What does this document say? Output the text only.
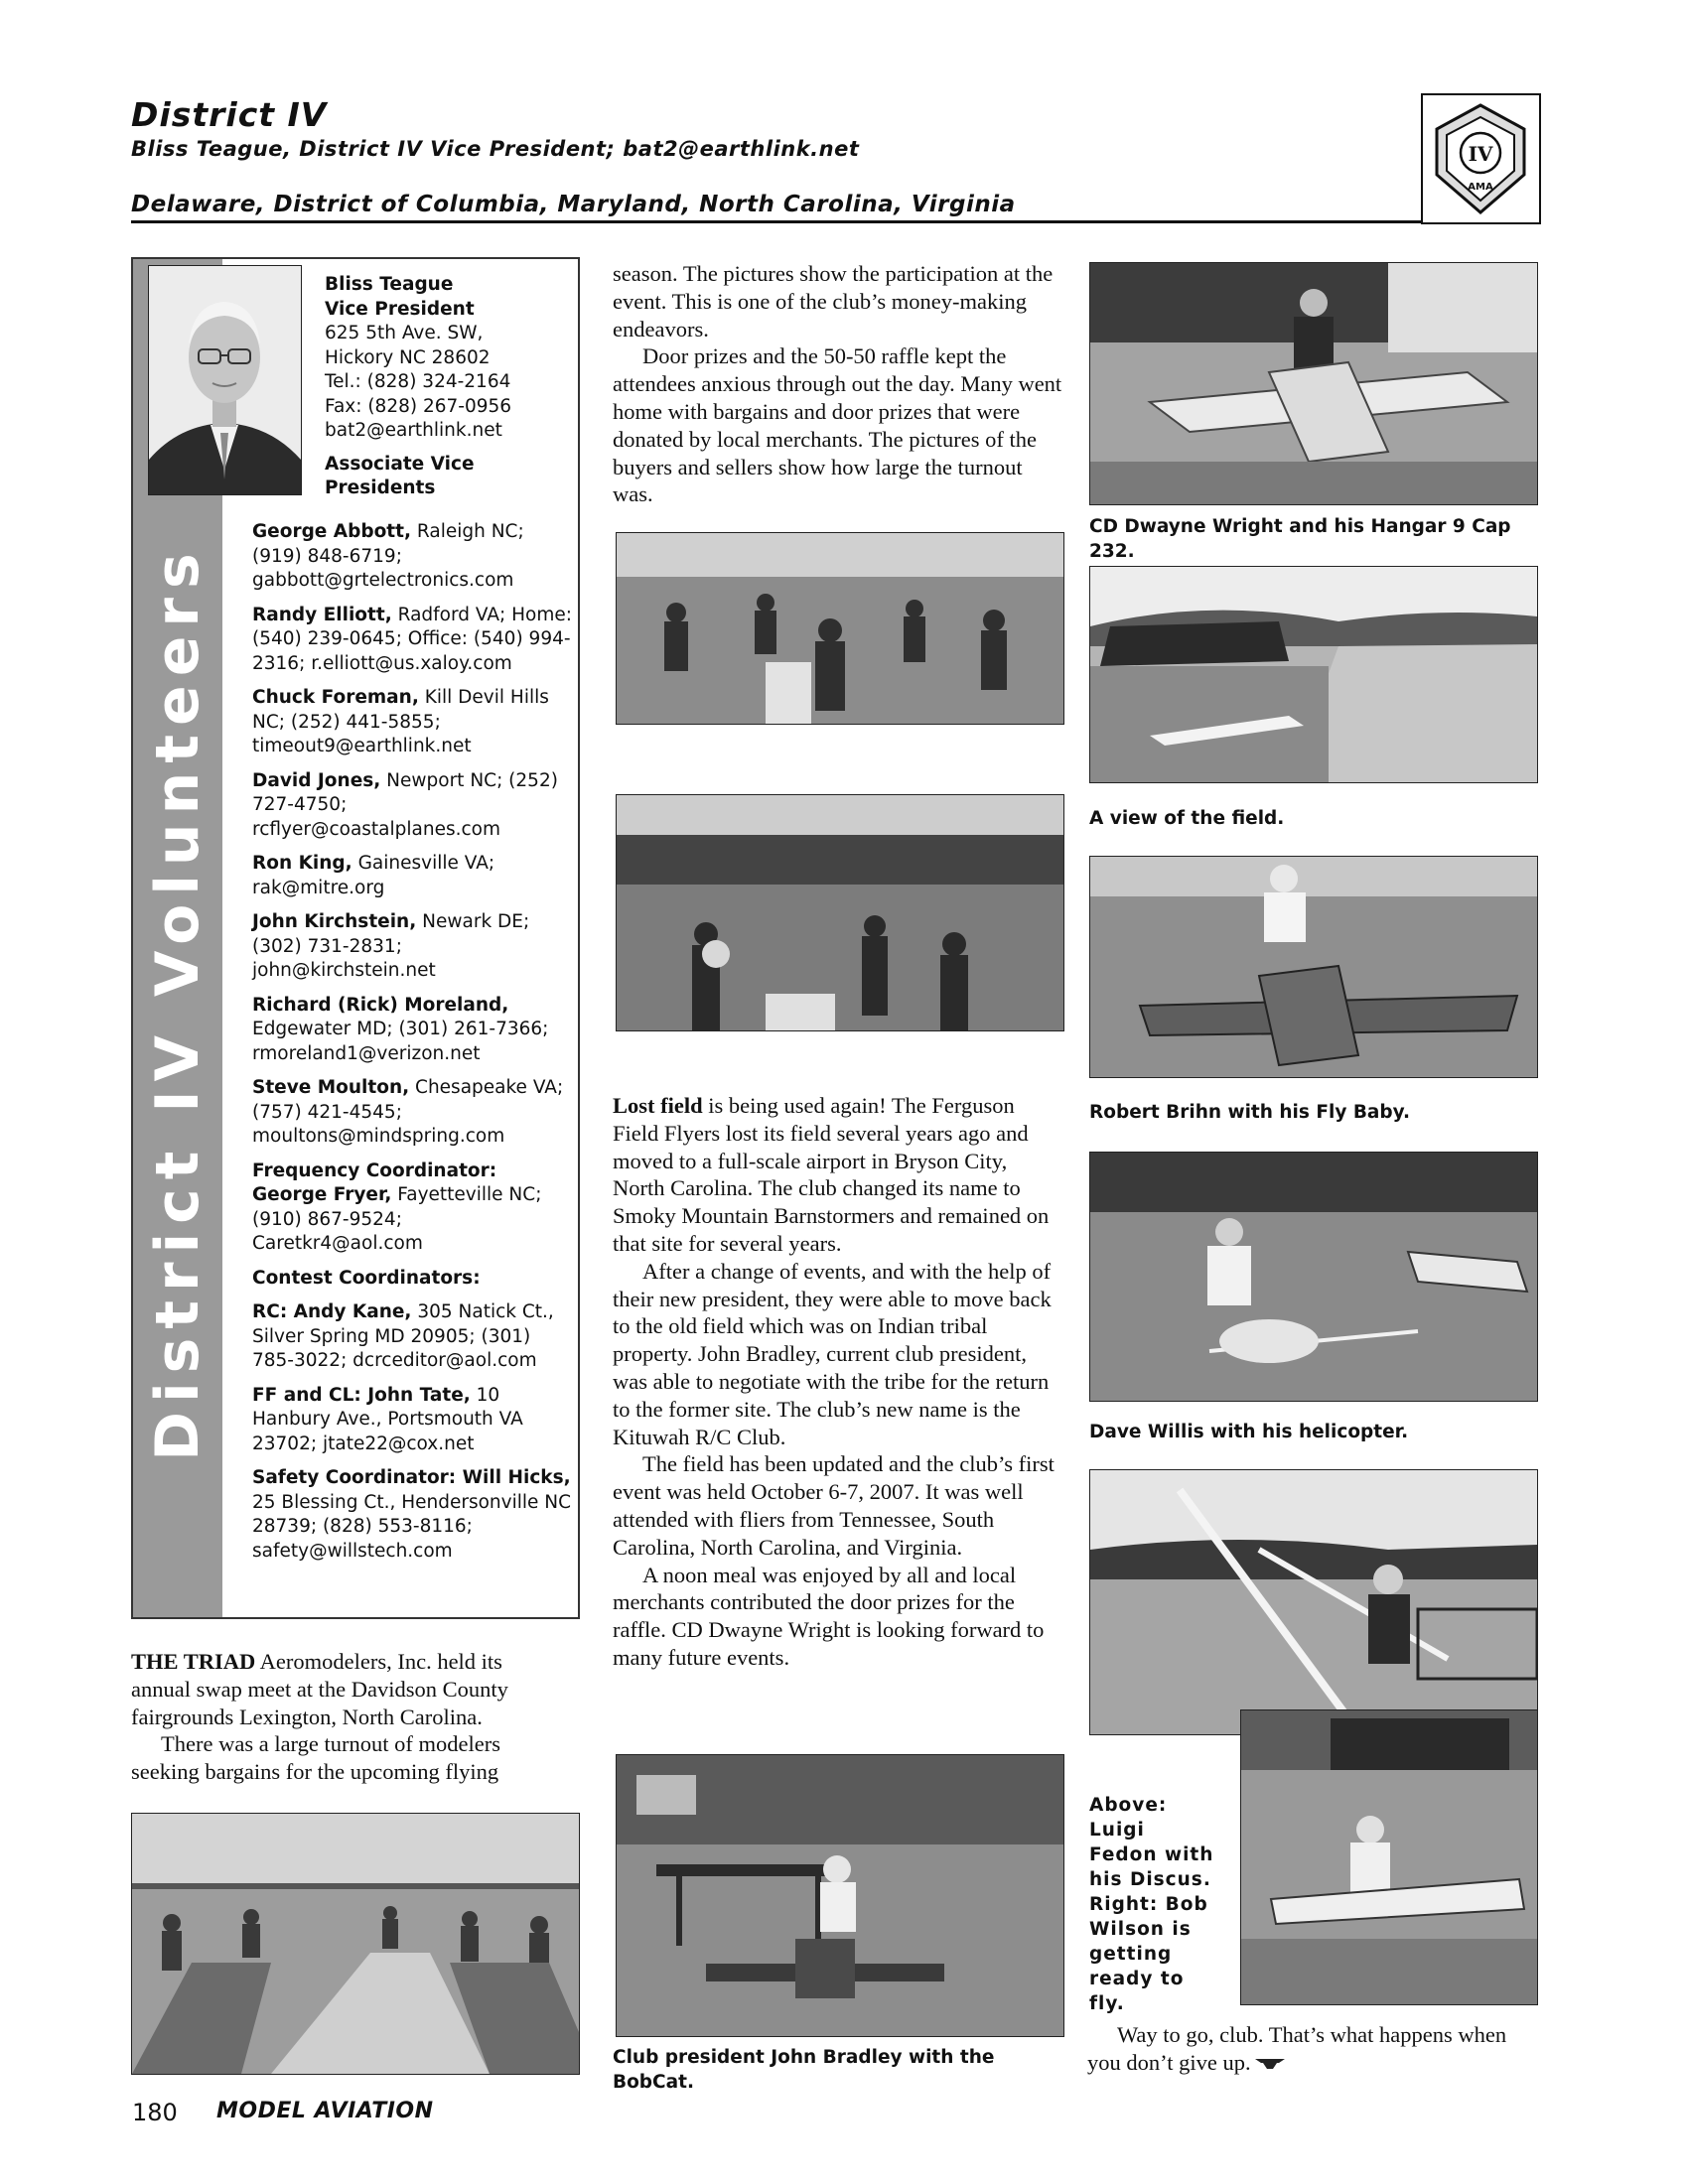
District IV
Bliss Teague, District IV Vice President; bat2@earthlink.net
Delaware, District of Columbia, Maryland, North Carolina, Virginia
IV
AMA
District IV Volunteers
Bliss Teague
Vice President
625 5th Ave. SW,
Hickory NC 28602
Tel.: (828) 324-2164
Fax: (828) 267-0956
bat2@earthlink.net
Associate Vice Presidents
George Abbott, Raleigh NC; (919) 848-6719; gabbott@grtelectronics.com
Randy Elliott, Radford VA; Home: (540) 239-0645; Office: (540) 994-2316; r.elliott@us.xaloy.com
Chuck Foreman, Kill Devil Hills NC; (252) 441-5855; timeout9@earthlink.net
David Jones, Newport NC; (252) 727-4750; rcflyer@coastalplanes.com
Ron King, Gainesville VA; rak@mitre.org
John Kirchstein, Newark DE; (302) 731-2831; john@kirchstein.net
Richard (Rick) Moreland, Edgewater MD; (301) 261-7366; rmoreland1@verizon.net
Steve Moulton, Chesapeake VA; (757) 421-4545; moultons@mindspring.com
Frequency Coordinator: George Fryer, Fayetteville NC; (910) 867-9524; Caretkr4@aol.com
Contest Coordinators:
RC: Andy Kane, 305 Natick Ct., Silver Spring MD 20905; (301) 785-3022; dcrceditor@aol.com
FF and CL: John Tate, 10 Hanbury Ave., Portsmouth VA 23702; jtate22@cox.net
Safety Coordinator: Will Hicks, 25 Blessing Ct., Hendersonville NC 28739; (828) 553-8116; safety@willstech.com

THE TRIAD Aeromodelers, Inc. held its annual swap meet at the Davidson County fairgrounds Lexington, North Carolina.

There was a large turnout of modelers seeking bargains for the upcoming flying

season. The pictures show the participation at the event. This is one of the club’s money-making endeavors.

Door prizes and the 50-50 raffle kept the attendees anxious through out the day. Many went home with bargains and door prizes that were donated by local merchants. The pictures of the buyers and sellers show how large the turnout was.

Lost field is being used again! The Ferguson Field Flyers lost its field several years ago and moved to a full-scale airport in Bryson City, North Carolina. The club changed its name to Smoky Mountain Barnstormers and remained on that site for several years.

After a change of events, and with the help of their new president, they were able to move back to the old field which was on Indian tribal property. John Bradley, current club president, was able to negotiate with the tribe for the return to the former site. The club’s new name is the Kituwah R/C Club.

The field has been updated and the club’s first event was held October 6-7, 2007. It was well attended with fliers from Tennessee, South Carolina, North Carolina, and Virginia.

A noon meal was enjoyed by all and local merchants contributed the door prizes for the raffle. CD Dwayne Wright is looking forward to many future events.

Club president John Bradley with the BobCat.
CD Dwayne Wright and his Hangar 9 Cap 232.
A view of the field.
Robert Brihn with his Fly Baby.
Dave Willis with his helicopter.
Above: Luigi Fedon with his Discus.
Right: Bob Wilson is getting ready to fly.

Way to go, club. That’s what happens when you don’t give up.

180 MODEL AVIATION
